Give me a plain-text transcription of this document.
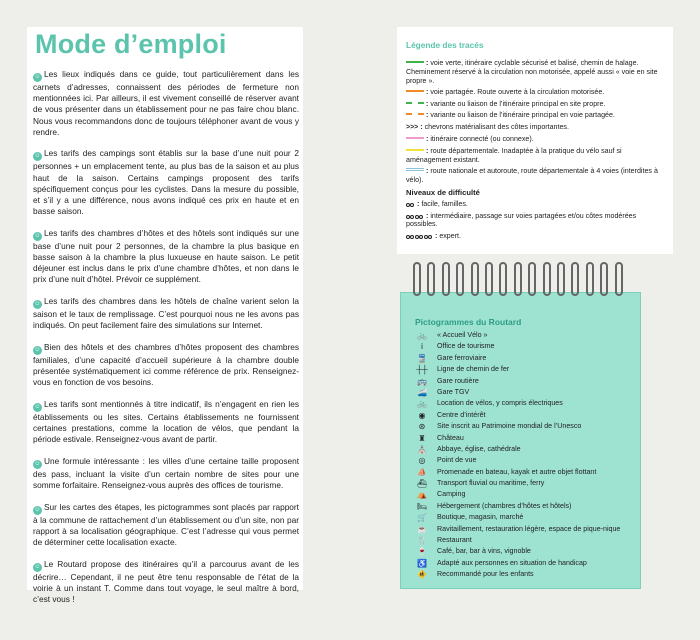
Mode d’emploi

☺ Les lieux indiqués dans ce guide, tout particulièrement dans les carnets d’adresses, connaissent des périodes de fermeture non mentionnées ici. Par ailleurs, il est vivement conseillé de réserver avant de vous présenter dans un établissement pour ne pas faire chou blanc. Nous vous recommandons donc de toujours téléphoner avant de vous y rendre.

☺ Les tarifs des campings sont établis sur la base d’une nuit pour 2 personnes + un emplacement tente, au plus bas de la saison et au plus haut de la saison. Certains campings proposent des tarifs spécifiquement conçus pour les cyclistes. Dans la mesure du possible, et s’il y a une différence, nous avons indiqué ces prix en haute et en basse saison.

☺ Les tarifs des chambres d’hôtes et des hôtels sont indiqués sur une base d’une nuit pour 2 personnes, de la chambre la plus basique en basse saison à la chambre la plus luxueuse en haute saison. Le petit déjeuner est inclus dans le prix d’une chambre d’hôtes, et non dans le prix d’une nuit d’hôtel. Prévoir ce supplément.

☺ Les tarifs des chambres dans les hôtels de chaîne varient selon la saison et le taux de remplissage. C’est pourquoi nous ne les avons pas indiqués. On peut facilement faire des simulations sur Internet.

☺ Bien des hôtels et des chambres d’hôtes proposent des chambres familiales, d’une capacité d’accueil supérieure à la chambre double présentée systématiquement ici comme référence de prix. Renseignez-vous en fonction de vos besoins.

☺ Les tarifs sont mentionnés à titre indicatif, ils n’engagent en rien les établissements ou les sites. Certains établissements ne fournissent certaines prestations, comme la location de vélos, que pendant la période estivale. Renseignez-vous avant de partir.

☺ Une formule intéressante : les villes d’une certaine taille proposent des pass, incluant la visite d’un certain nombre de sites pour une somme forfaitaire. Renseignez-vous auprès des offices de tourisme.

☺ Sur les cartes des étapes, les pictogrammes sont placés par rapport à la commune de rattachement d’un établissement ou d’un site, non par rapport à sa localisation géographique. C’est l’adresse qui vous permet de déterminer cette localisation exacte.

☺ Le Routard propose des itinéraires qu’il a parcourus avant de les décrire… Cependant, il ne peut être tenu responsable de l’état de la voirie à un instant T. Comme dans tout voyage, le seul maître à bord, c’est vous !

Légende des tracés
: voie verte, itinéraire cyclable sécurisé et balisé, chemin de halage. Cheminement réservé à la circulation non motorisée, appelé aussi « voie en site propre ».
: voie partagée. Route ouverte à la circulation motorisée.
: variante ou liaison de l’itinéraire principal en site propre.
: variante ou liaison de l’itinéraire principal en voie partagée.
>>> : chevrons matérialisant des côtes importantes.
: itinéraire connecté (ou connexe).
: route départementale. Inadaptée à la pratique du vélo sauf si aménagement existant.
: route nationale et autoroute, route départementale à 4 voies (interdites à vélo).
Niveaux de difficulté
: facile, familles.
: intermédiaire, passage sur voies partagées et/ou côtes modérées possibles.
: expert.
Pictogrammes du Routard
🚲 « Accueil Vélo »
i Office de tourisme
🚆 Gare ferroviaire
┼┼ Ligne de chemin de fer
🚌 Gare routière
🚄 Gare TGV
🚲 Location de vélos, y compris électriques
◉ Centre d’intérêt
⊛ Site inscrit au Patrimoine mondial de l’Unesco
♜ Château
⛪ Abbaye, église, cathédrale
◎ Point de vue
⛵ Promenade en bateau, kayak et autre objet flottant
⛴ Transport fluvial ou maritime, ferry
⛺ Camping
🛏 Hébergement (chambres d’hôtes et hôtels)
🛒 Boutique, magasin, marché
☕ Ravitaillement, restauration légère, espace de pique-nique
🍴 Restaurant
🍷 Café, bar, bar à vins, vignoble
♿ Adapté aux personnes en situation de handicap
🚸 Recommandé pour les enfants
